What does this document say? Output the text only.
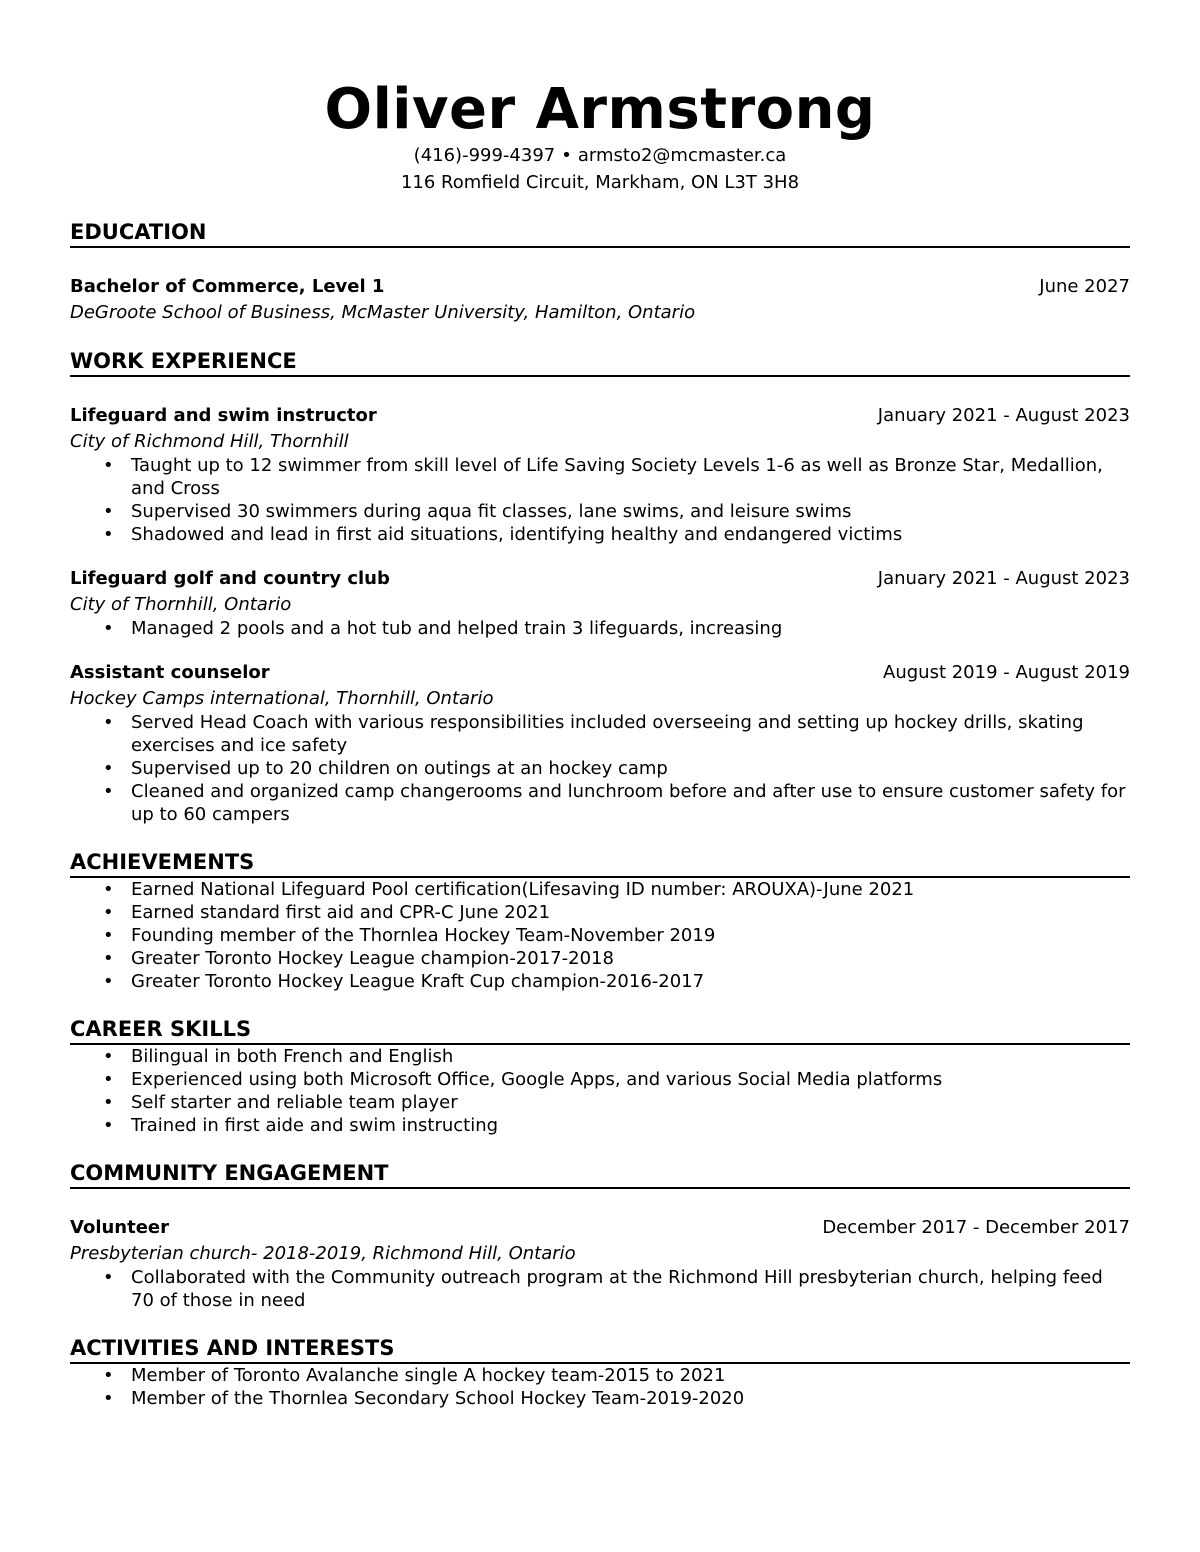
Oliver Armstrong
(416)-999-4397 • armsto2@mcmaster.ca
116 Romfield Circuit, Markham, ON L3T 3H8
EDUCATION
Bachelor of Commerce, Level 1	June 2027
DeGroote School of Business, McMaster University, Hamilton, Ontario
WORK EXPERIENCE
Lifeguard and swim instructor	January 2021 - August 2023
City of Richmond Hill, Thornhill
• Taught up to 12 swimmer from skill level of Life Saving Society Levels 1-6 as well as Bronze Star, Medallion, and Cross
• Supervised 30 swimmers during aqua fit classes, lane swims, and leisure swims
• Shadowed and lead in first aid situations, identifying healthy and endangered victims
Lifeguard golf and country club	January 2021 - August 2023
City of Thornhill, Ontario
• Managed 2 pools and a hot tub and helped train 3 lifeguards, increasing
Assistant counselor	August 2019 - August 2019
Hockey Camps international, Thornhill, Ontario
• Served Head Coach with various responsibilities included overseeing and setting up hockey drills, skating exercises and ice safety
• Supervised up to 20 children on outings at an hockey camp
• Cleaned and organized camp changerooms and lunchroom before and after use to ensure customer safety for up to 60 campers
ACHIEVEMENTS
• Earned National Lifeguard Pool certification(Lifesaving ID number: AROUXA)-June 2021
• Earned standard first aid and CPR-C June 2021
• Founding member of the Thornlea Hockey Team-November 2019
• Greater Toronto Hockey League champion-2017-2018
• Greater Toronto Hockey League Kraft Cup champion-2016-2017
CAREER SKILLS
• Bilingual in both French and English
• Experienced using both Microsoft Office, Google Apps, and various Social Media platforms
• Self starter and reliable team player
• Trained in first aide and swim instructing
COMMUNITY ENGAGEMENT
Volunteer	December 2017 - December 2017
Presbyterian church- 2018-2019, Richmond Hill, Ontario
• Collaborated with the Community outreach program at the Richmond Hill presbyterian church, helping feed 70 of those in need
ACTIVITIES AND INTERESTS
• Member of Toronto Avalanche single A hockey team-2015 to 2021
• Member of the Thornlea Secondary School Hockey Team-2019-2020
